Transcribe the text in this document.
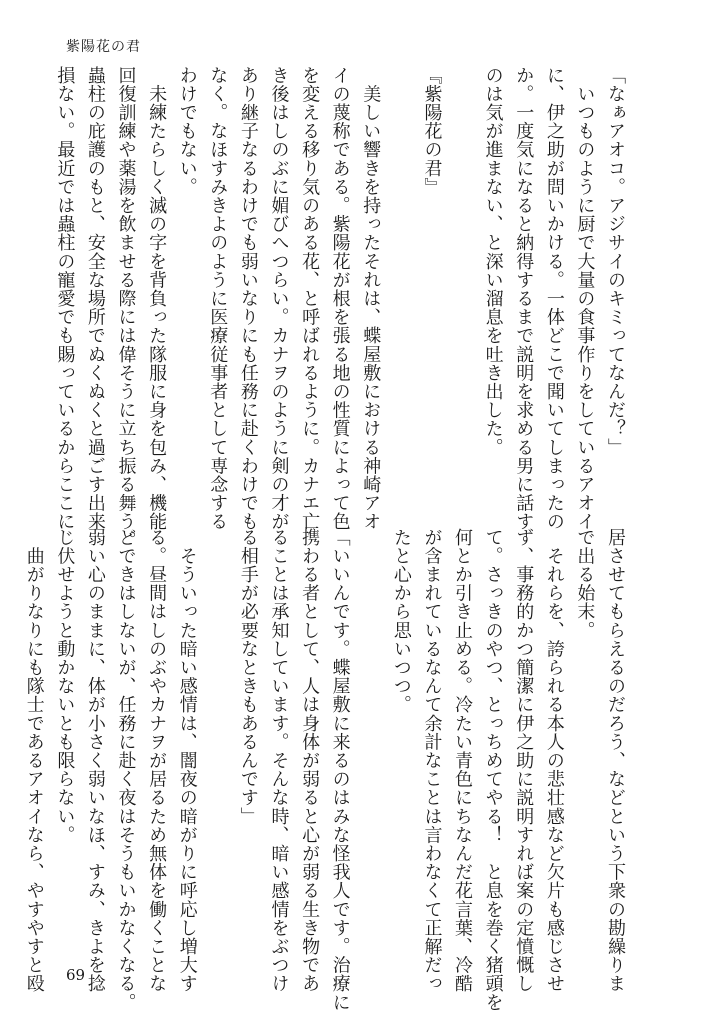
紫陽花の君
「なぁアオコ。アジサイのキミってなんだ？」
　いつものように厨で大量の食事作りをしているアオイ
に、伊之助が問いかける。一体どこで聞いてしまったの
か。一度気になると納得するまで説明を求める男に話す
のは気が進まない、と深い溜息を吐き出した。

『紫陽花の君』

　美しい響きを持ったそれは、蝶屋敷における神崎アオ
イの蔑称である。紫陽花が根を張る地の性質によって色
を変える移り気のある花、と呼ばれるように。カナエ亡
き後はしのぶに媚びへつらい。カナヲのように剣の才が
あり継子なるわけでも弱いなりにも任務に赴くわけでも
なく。なほすみきよのように医療従事者として専念する
わけでもない。
　未練たらしく滅の字を背負った隊服に身を包み、機能
回復訓練や薬湯を飲ませる際には偉そうに立ち振る舞う。
蟲柱の庇護のもと、安全な場所でぬくぬくと過ごす出来
損ない。最近では蟲柱の寵愛でも賜っているからここに
居させてもらえるのだろう、などという下衆の勘繰りま
で出る始末。
　それらを、誇られる本人の悲壮感など欠片も感じさせ
ず、事務的かつ簡潔に伊之助に説明すれば案の定憤慨し
て。さっきのやつ、とっちめてやる！　と息を巻く猪頭を
何とか引き止める。冷たい青色にちなんだ花言葉、冷酷
が含まれているなんて余計なことは言わなくて正解だっ
たと心から思いつつ。

「いいんです。蝶屋敷に来るのはみな怪我人です。治療に
携わる者として、人は身体が弱ると心が弱る生き物であ
ることは承知しています。そんな時、暗い感情をぶつけ
る相手が必要なときもあるんです」

　そういった暗い感情は、闇夜の暗がりに呼応し増大す
る。昼間はしのぶやカナヲが居るため無体を働くことな
どできはしないが、任務に赴く夜はそうもいかなくなる。
弱い心のままに、体が小さく弱いなほ、すみ、きよを捻
じ伏せようと動かないとも限らない。
　曲がりなりにも隊士であるアオイなら、やすやすと殴 69
